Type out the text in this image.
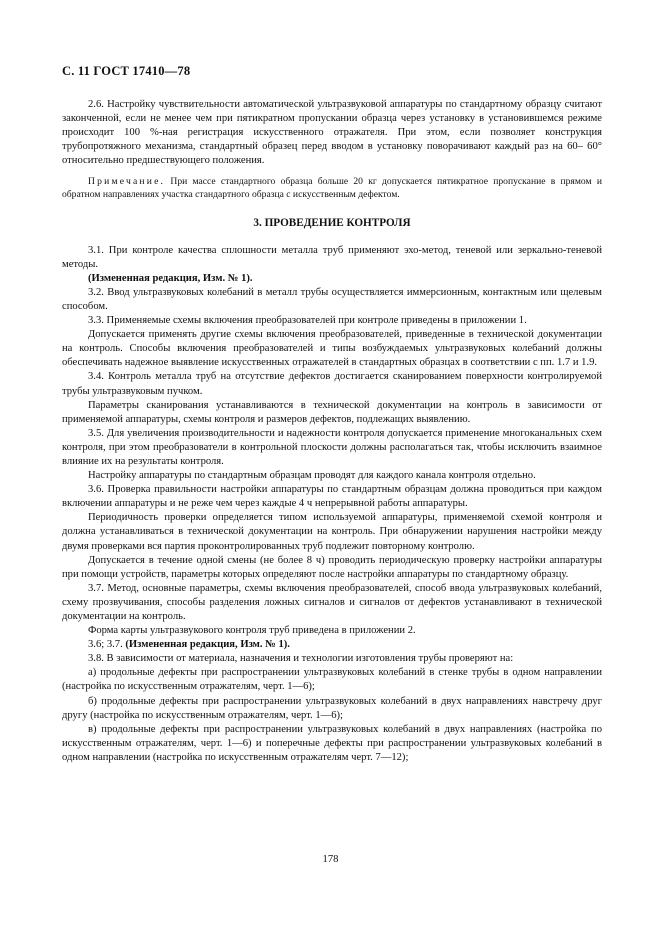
С. 11 ГОСТ 17410—78

2.6. Настройку чувствительности автоматической ультразвуковой аппаратуры по стандартному образцу считают законченной, если не менее чем при пятикратном пропускании образца через установку в установившемся режиме происходит 100 %-ная регистрация искусственного отражателя. При этом, если позволяет конструкция трубопротяжного механизма, стандартный образец перед вводом в установку поворачивают каждый раз на 60– 60° относительно предшествующего положения.

Примечание. При массе стандартного образца больше 20 кг допускается пятикратное пропускание в прямом и обратном направлениях участка стандартного образца с искусственным дефектом.

3. ПРОВЕДЕНИЕ КОНТРОЛЯ

3.1. При контроле качества сплошности металла труб применяют эхо-метод, теневой или зеркально-теневой методы.

(Измененная редакция, Изм. № 1).

3.2. Ввод ультразвуковых колебаний в металл трубы осуществляется иммерсионным, контактным или щелевым способом.

3.3. Применяемые схемы включения преобразователей при контроле приведены в приложении 1.

Допускается применять другие схемы включения преобразователей, приведенные в технической документации на контроль. Способы включения преобразователей и типы возбуждаемых ультразвуковых колебаний должны обеспечивать надежное выявление искусственных отражателей в стандартных образцах в соответствии с пп. 1.7 и 1.9.

3.4. Контроль металла труб на отсутствие дефектов достигается сканированием поверхности контролируемой трубы ультразвуковым пучком.

Параметры сканирования устанавливаются в технической документации на контроль в зависимости от применяемой аппаратуры, схемы контроля и размеров дефектов, подлежащих выявлению.

3.5. Для увеличения производительности и надежности контроля допускается применение многоканальных схем контроля, при этом преобразователи в контрольной плоскости должны располагаться так, чтобы исключить взаимное влияние их на результаты контроля.

Настройку аппаратуры по стандартным образцам проводят для каждого канала контроля отдельно.

3.6. Проверка правильности настройки аппаратуры по стандартным образцам должна проводиться при каждом включении аппаратуры и не реже чем через каждые 4 ч непрерывной работы аппаратуры.

Периодичность проверки определяется типом используемой аппаратуры, применяемой схемой контроля и должна устанавливаться в технической документации на контроль. При обнаружении нарушения настройки между двумя проверками вся партия проконтролированных труб подлежит повторному контролю.

Допускается в течение одной смены (не более 8 ч) проводить периодическую проверку настройки аппаратуры при помощи устройств, параметры которых определяют после настройки аппаратуры по стандартному образцу.

3.7. Метод, основные параметры, схемы включения преобразователей, способ ввода ультразвуковых колебаний, схему прозвучивания, способы разделения ложных сигналов и сигналов от дефектов устанавливают в технической документации на контроль.

Форма карты ультразвукового контроля труб приведена в приложении 2.

3.6; 3.7. (Измененная редакция, Изм. № 1).

3.8. В зависимости от материала, назначения и технологии изготовления трубы проверяют на:

а) продольные дефекты при распространении ультразвуковых колебаний в стенке трубы в одном направлении (настройка по искусственным отражателям, черт. 1—6);

б) продольные дефекты при распространении ультразвуковых колебаний в двух направлениях навстречу друг другу (настройка по искусственным отражателям, черт. 1—6);

в) продольные дефекты при распространении ультразвуковых колебаний в двух направлениях (настройка по искусственным отражателям, черт. 1—6) и поперечные дефекты при распространении ультразвуковых колебаний в одном направлении (настройка по искусственным отражателям черт. 7—12);

178
